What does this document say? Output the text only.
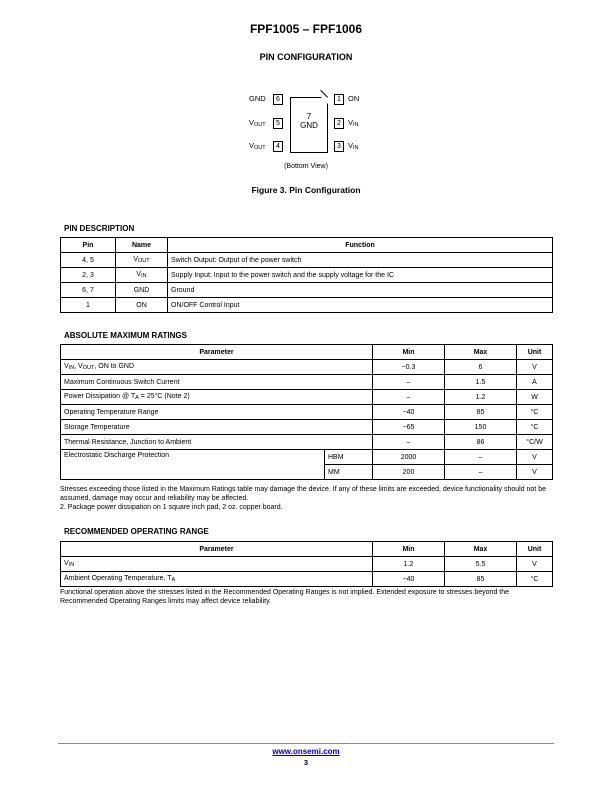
FPF1005 – FPF1006
PIN CONFIGURATION
7
GND
GND	6
$V_{OUT}$	5
$V_{OUT}$	4
1 ON
2 $V_{IN}$
3 $V_{IN}$
(Bottom View)
Figure 3. Pin Configuration
PIN DESCRIPTION
Pin	Name	Function
4, 5	$V_{OUT}$	Switch Output: Output of the power switch
2, 3	$V_{IN}$	Supply Input: Input to the power switch and the supply voltage for the IC
6, 7	GND	Ground
1	ON	ON/OFF Control Input
ABSOLUTE MAXIMUM RATINGS
Parameter		Min	Max	Unit
$V_{IN}$, $V_{OUT}$, ON to GND		−0.3	6	V
Maximum Continuous Switch Current		–	1.5	A
Power Dissipation @ $T_A = 25^\circ C$ (Note 2)		–	1.2	W
Operating Temperature Range		−40	85	°C
Storage Temperature		−65	150	°C
Thermal Resistance, Junction to Ambient		–	86	°C/W
Electrostatic Discharge Protection	HBM	2000	–	V
	MM	200	–	V
Stresses exceeding those listed in the Maximum Ratings table may damage the device. If any of these limits are exceeded, device functionality should not be assumed, damage may occur and reliability may be affected.
2. Package power dissipation on 1 square inch pad, 2 oz. copper board.
RECOMMENDED OPERATING RANGE
Parameter	Min	Max	Unit
$V_{IN}$	1.2	5.5	V
Ambient Operating Temperature, $T_A$	−40	85	°C
Functional operation above the stresses listed in the Recommended Operating Ranges is not implied. Extended exposure to stresses beyond the Recommended Operating Ranges limits may affect device reliability.
www.onsemi.com
3
